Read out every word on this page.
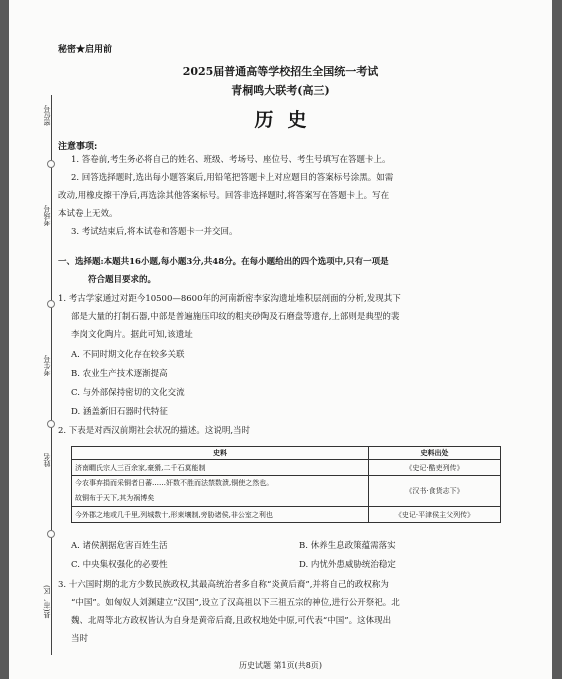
密位号
考场号
考生号
姓名
县(市、区)
秘密★启用前
2025届普通高等学校招生全国统一考试
青桐鸣大联考(高三)
历史
注意事项:
1. 答卷前,考生务必将自己的姓名、班级、考场号、座位号、考生号填写在答题卡上。
2. 回答选择题时,选出每小题答案后,用铅笔把答题卡上对应题目的答案标号涂黑。如需
改动,用橡皮擦干净后,再选涂其他答案标号。回答非选择题时,将答案写在答题卡上。写在
本试卷上无效。
3. 考试结束后,将本试卷和答题卡一并交回。
一、选择题:本题共16小题,每小题3分,共48分。在每小题给出的四个选项中,只有一项是
符合题目要求的。
1. 考古学家通过对距今10500—8600年的河南新密李家沟遗址堆积层剖面的分析,发现其下
部是大量的打制石器,中部是普遍施压印纹的粗夹砂陶及石磨盘等遗存,上部则是典型的裴
李岗文化陶片。据此可知,该遗址
A. 不同时期文化存在较多关联
B. 农业生产技术逐渐提高
C. 与外部保持密切的文化交流
D. 涵盖新旧石器时代特征
2. 下表是对西汉前期社会状况的描述。这说明,当时
史料	史料出处
济南瞯氏宗人三百余家,豪猾,二千石莫能制	《史记·酷吏列传》
今农事弃捐而采铜者日蕃……奸数不胜而法禁数溃,铜使之然也。
故铜布于天下,其为祸博矣	《汉书·食货志下》
今外郡之地或几千里,列城数十,形束壤制,旁胁诸侯,非公室之利也	《史记·平津侯主父列传》
A. 诸侯割据危害百姓生活	B. 休养生息政策蕴需落实
C. 中央集权强化的必要性	D. 内忧外患威胁统治稳定
3. 十六国时期的北方少数民族政权,其最高统治者多自称“炎黄后裔”,并将自己的政权称为
“中国”。如匈奴人刘渊建立“汉国”,设立了汉高祖以下三祖五宗的神位,进行公开祭祀。北
魏、北周等北方政权皆认为自身是黄帝后裔,且政权地处中原,可代表“中国”。这体现出
当时
历史试题 第1页(共8页)
